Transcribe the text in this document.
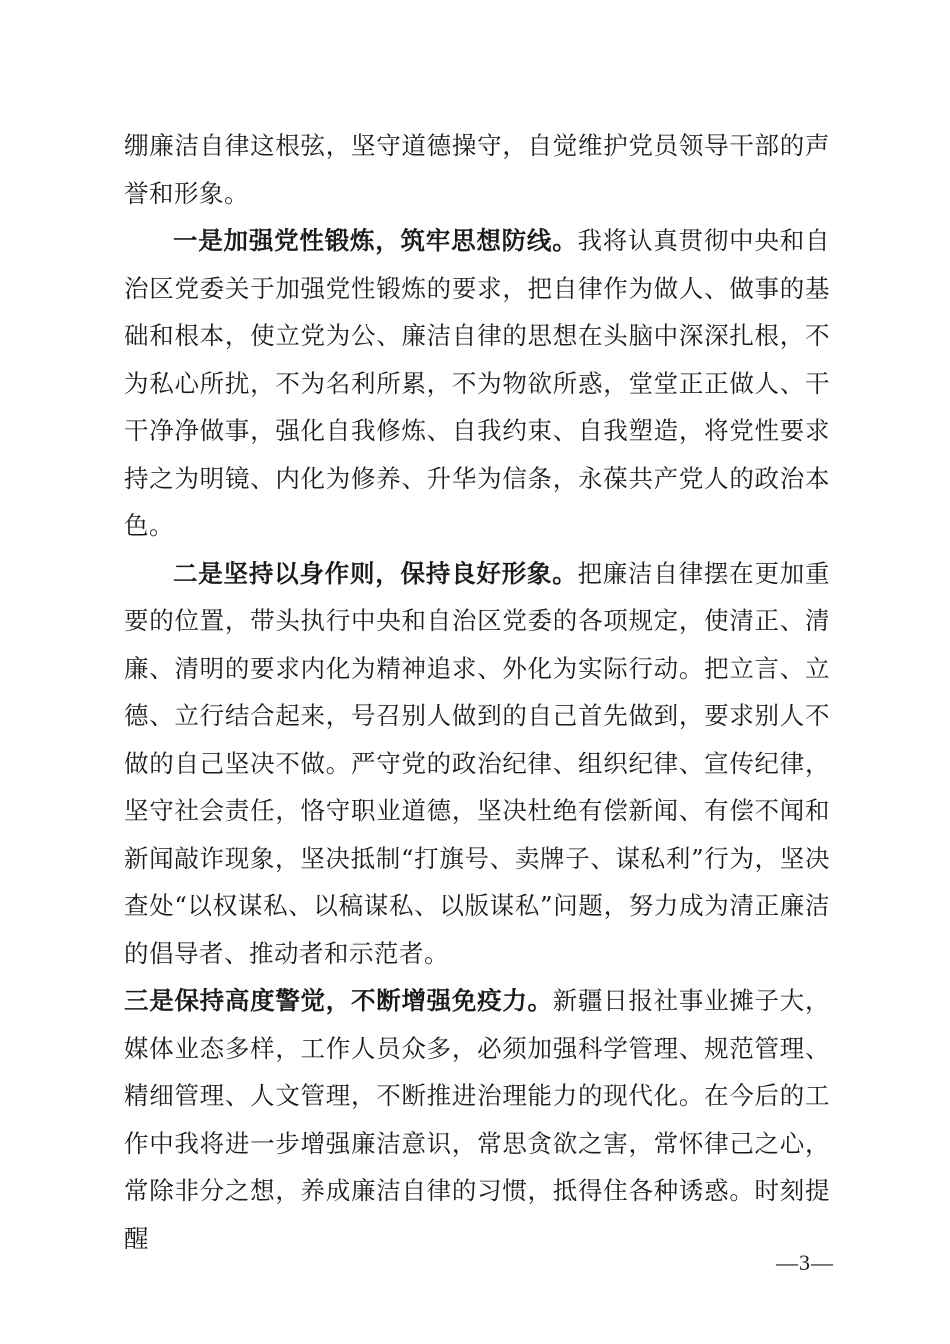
绷廉洁自律这根弦，坚守道德操守，自觉维护党员领导干部的声誉和形象。

一是加强党性锻炼，筑牢思想防线。我将认真贯彻中央和自治区党委关于加强党性锻炼的要求，把自律作为做人、做事的基础和根本，使立党为公、廉洁自律的思想在头脑中深深扎根，不为私心所扰，不为名利所累，不为物欲所惑，堂堂正正做人、干干净净做事，强化自我修炼、自我约束、自我塑造，将党性要求持之为明镜、内化为修养、升华为信条，永葆共产党人的政治本色。

二是坚持以身作则，保持良好形象。把廉洁自律摆在更加重要的位置，带头执行中央和自治区党委的各项规定，使清正、清廉、清明的要求内化为精神追求、外化为实际行动。把立言、立德、立行结合起来，号召别人做到的自己首先做到，要求别人不做的自己坚决不做。严守党的政治纪律、组织纪律、宣传纪律，坚守社会责任，恪守职业道德，坚决杜绝有偿新闻、有偿不闻和新闻敲诈现象，坚决抵制“打旗号、卖牌子、谋私利”行为，坚决查处“以权谋私、以稿谋私、以版谋私”问题，努力成为清正廉洁的倡导者、推动者和示范者。

三是保持高度警觉，不断增强免疫力。新疆日报社事业摊子大，媒体业态多样，工作人员众多，必须加强科学管理、规范管理、精细管理、人文管理，不断推进治理能力的现代化。在今后的工作中我将进一步增强廉洁意识，常思贪欲之害，常怀律己之心，常除非分之想，养成廉洁自律的习惯，抵得住各种诱惑。时刻提醒

—3—
